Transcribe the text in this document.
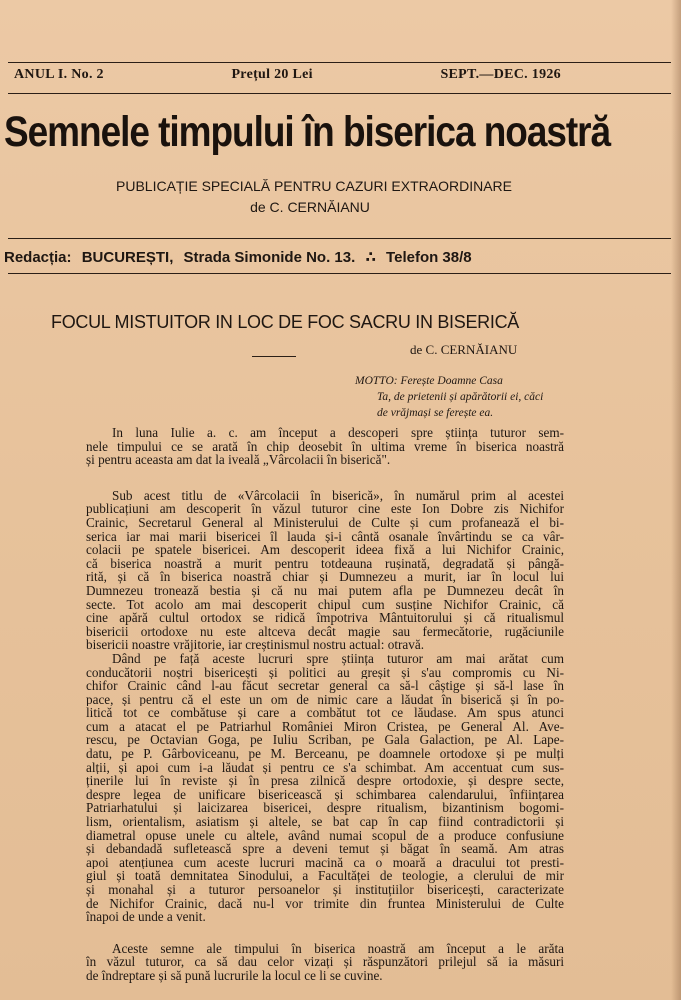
ANUL I. No. 2	Prețul 20 Lei	SEPT.—DEC. 1926
Semnele timpului în biserica noastră
PUBLICAȚIE SPECIALĂ PENTRU CAZURI EXTRAORDINARE
de C. CERNĂIANU
Redacția: BUCUREȘTI, Strada Simonide No. 13. ∴ Telefon 38/8
FOCUL MISTUITOR IN LOC DE FOC SACRU IN BISERICĂ
de C. CERNĂIANU
MOTTO: Ferește Doamne Casa
Ta, de prietenii și apărătorii ei, căci
de vrăjmași se ferește ea.
In luna Iulie a. c. am început a descoperi spre știința tuturor sem-
nele timpului ce se arată în chip deosebit în ultima vreme în biserica noastră
și pentru aceasta am dat la iveală „Vârcolacii în biserică".
Sub acest titlu de «Vârcolacii în biserică», în numărul prim al acestei
publicațiuni am descoperit în văzul tuturor cine este Ion Dobre zis Nichifor
Crainic, Secretarul General al Ministerului de Culte și cum profanează el bi-
serica iar mai marii bisericei îl lauda și-i cântă osanale învârtindu se ca vâr-
colacii pe spatele bisericei. Am descoperit ideea fixă a lui Nichifor Crainic,
că biserica noastră a murit pentru totdeauna rușinată, degradată și pângă-
rită, și că în biserica noastră chiar și Dumnezeu a murit, iar în locul lui
Dumnezeu tronează bestia și că nu mai putem afla pe Dumnezeu decât în
secte. Tot acolo am mai descoperit chipul cum susține Nichifor Crainic, că
cine apără cultul ortodox se ridică împotriva Mântuitorului și că ritualismul
bisericii ortodoxe nu este altceva decât magie sau fermecătorie, rugăciunile
bisericii noastre vrăjitorie, iar creștinismul nostru actual: otravă.
Dând pe față aceste lucruri spre știința tuturor am mai arătat cum
conducătorii noștri bisericești și politici au greșit și s'au compromis cu Ni-
chifor Crainic când l-au făcut secretar general ca să-l câștige și să-l lase în
pace, și pentru că el este un om de nimic care a lăudat în biserică și în po-
litică tot ce combătuse și care a combătut tot ce lăudase. Am spus atunci
cum a atacat el pe Patriarhul României Miron Cristea, pe General Al. Ave-
rescu, pe Octavian Goga, pe Iuliu Scriban, pe Gala Galaction, pe Al. Lape-
datu, pe P. Gârboviceanu, pe M. Berceanu, pe doamnele ortodoxe și pe mulți
alții, și apoi cum i-a lăudat și pentru ce s'a schimbat. Am accentuat cum sus-
ținerile lui în reviste și în presa zilnică despre ortodoxie, și despre secte,
despre legea de unificare bisericească și schimbarea calendarului, înființarea
Patriarhatului și laicizarea bisericei, despre ritualism, bizantinism bogomi-
lism, orientalism, asiatism și altele, se bat cap în cap fiind contradictorii și
diametral opuse unele cu altele, având numai scopul de a produce confusiune
și debandadă sufletească spre a deveni temut și băgat în seamă. Am atras
apoi atențiunea cum aceste lucruri macină ca o moară a dracului tot presti-
giul și toată demnitatea Sinodului, a Facultăței de teologie, a clerului de mir
și monahal și a tuturor persoanelor și instituțiilor bisericești, caracterizate
de Nichifor Crainic, dacă nu-l vor trimite din fruntea Ministerului de Culte
înapoi de unde a venit.
Aceste semne ale timpului în biserica noastră am început a le arăta
în văzul tuturor, ca să dau celor vizați și răspunzători prilejul să ia măsuri
de îndreptare și să pună lucrurile la locul ce li se cuvine.
